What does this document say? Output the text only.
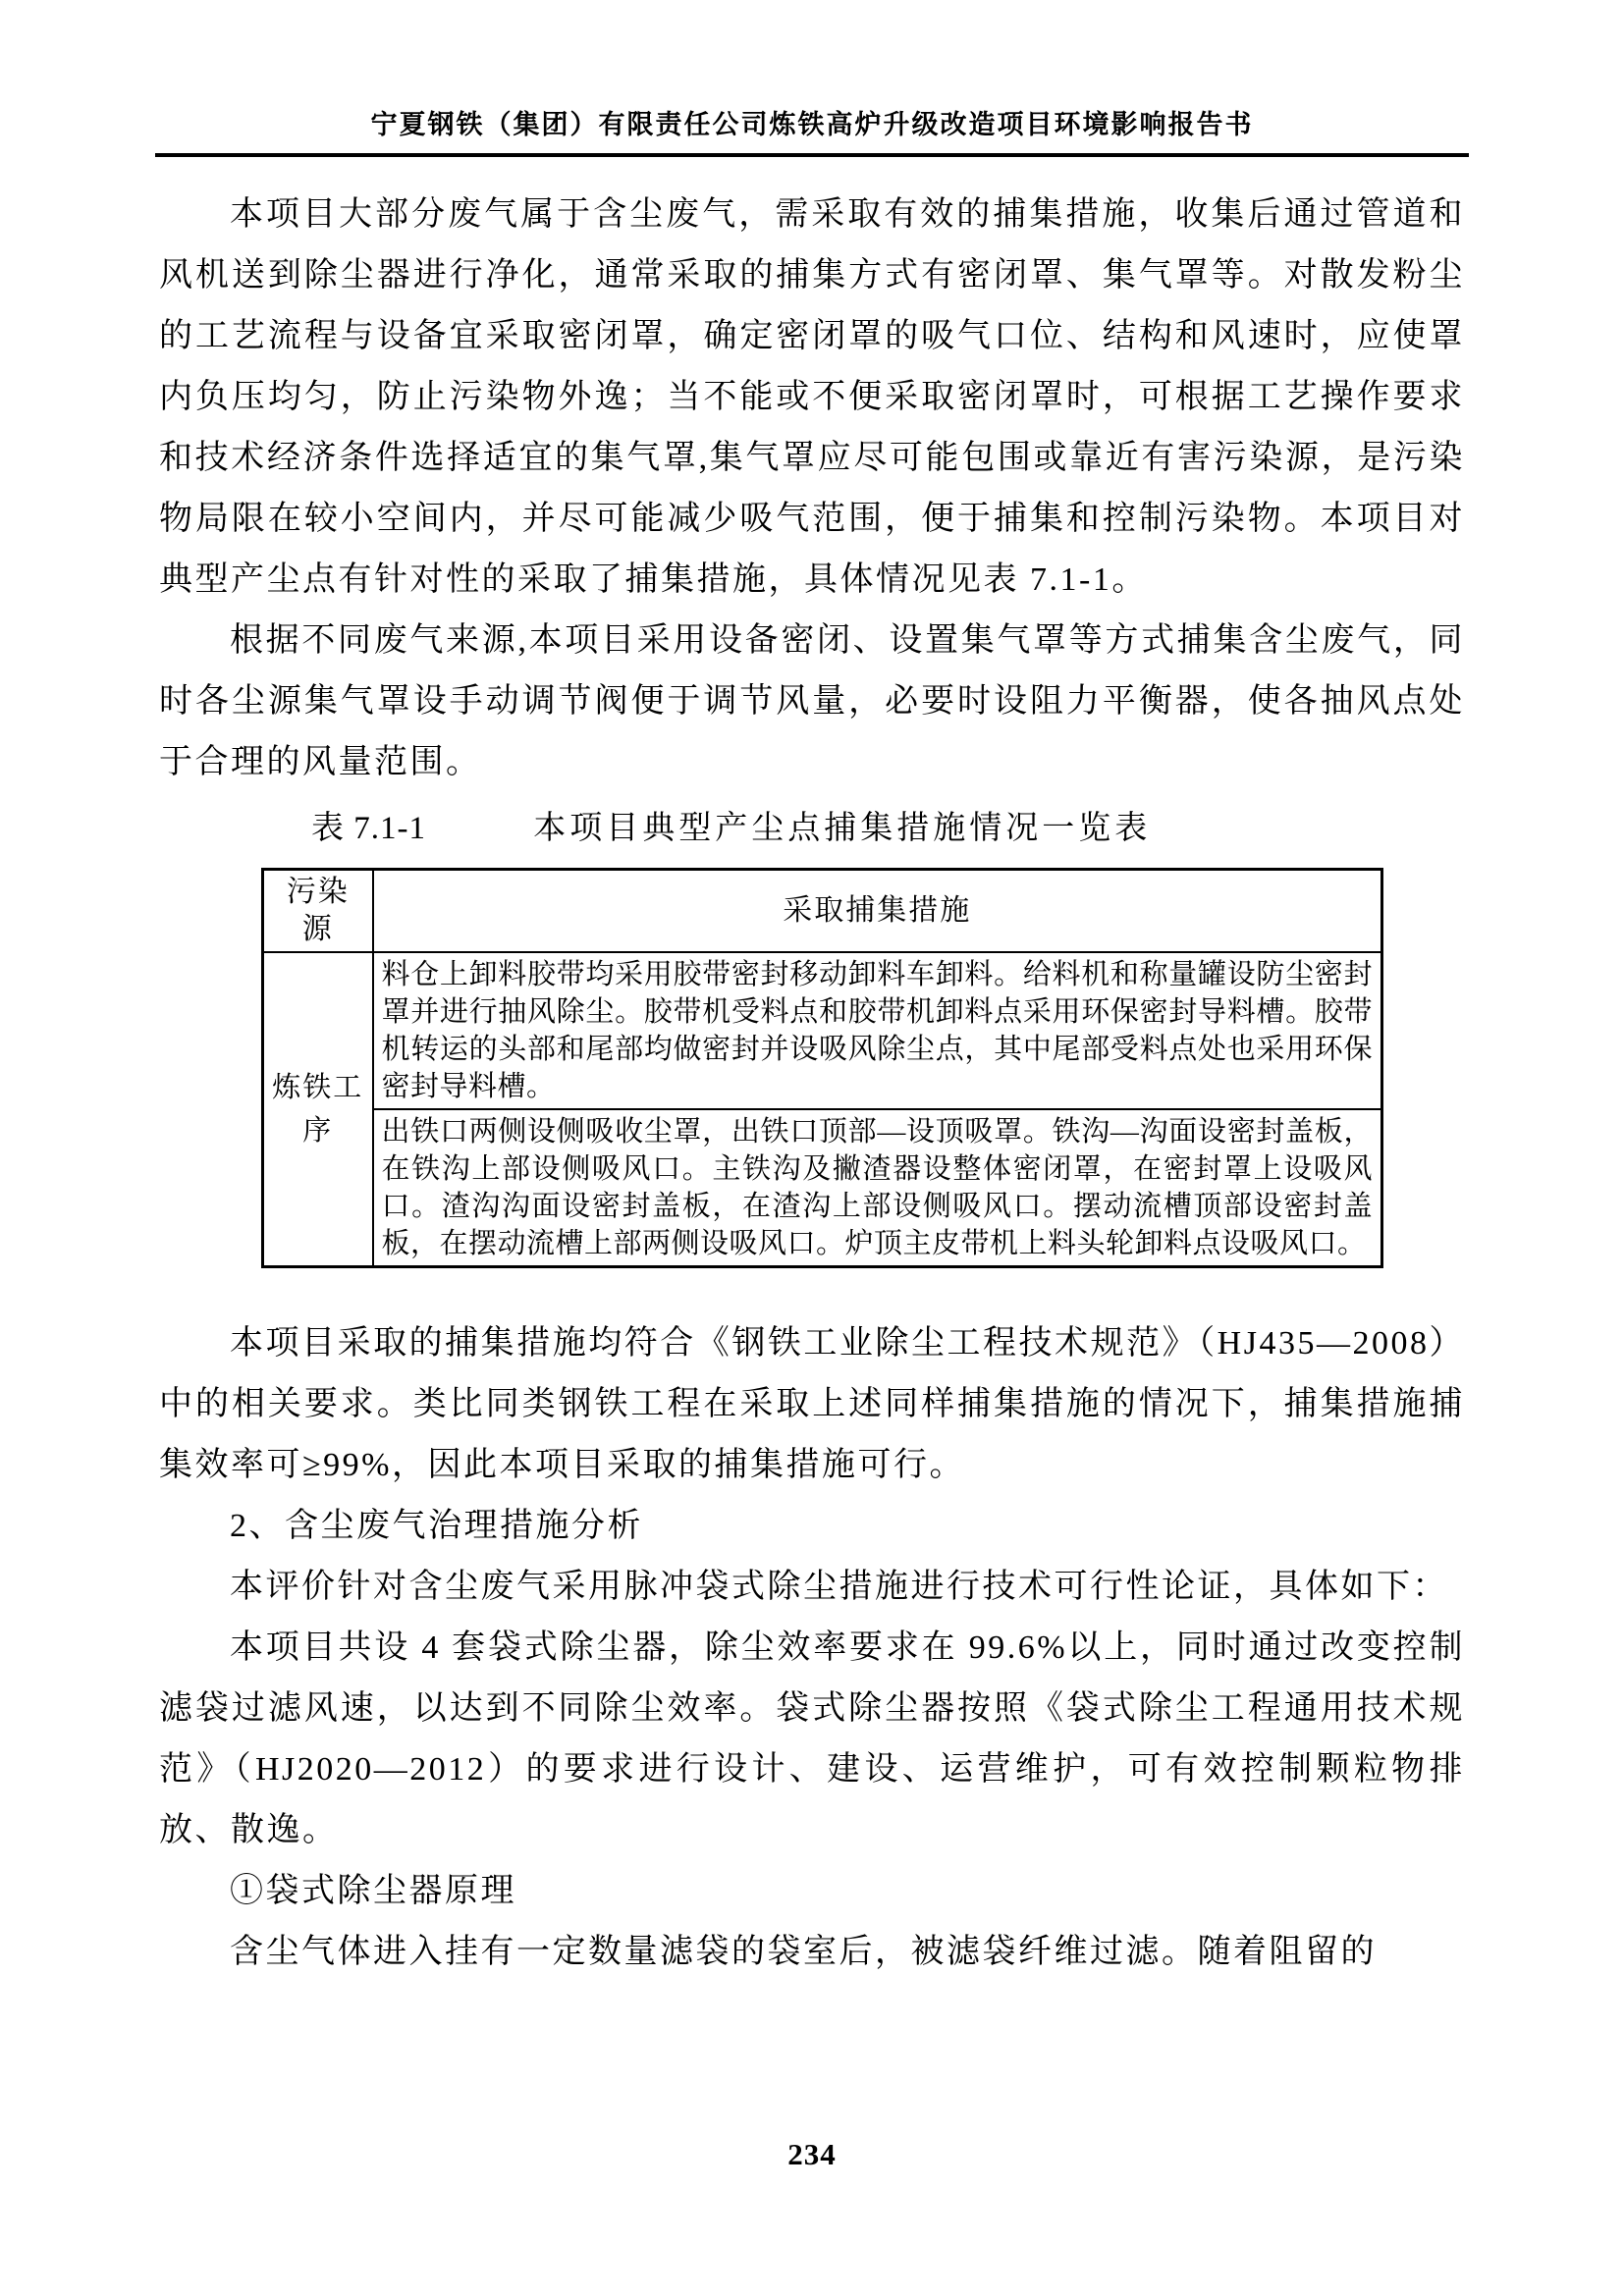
宁夏钢铁（集团）有限责任公司炼铁高炉升级改造项目环境影响报告书

本项目大部分废气属于含尘废气，需采取有效的捕集措施，收集后通过管道和风机送到除尘器进行净化，通常采取的捕集方式有密闭罩、集气罩等。对散发粉尘的工艺流程与设备宜采取密闭罩，确定密闭罩的吸气口位、结构和风速时，应使罩内负压均匀，防止污染物外逸；当不能或不便采取密闭罩时，可根据工艺操作要求和技术经济条件选择适宜的集气罩,集气罩应尽可能包围或靠近有害污染源，是污染物局限在较小空间内，并尽可能减少吸气范围，便于捕集和控制污染物。本项目对典型产尘点有针对性的采取了捕集措施，具体情况见表 7.1-1。

根据不同废气来源,本项目采用设备密闭、设置集气罩等方式捕集含尘废气，同时各尘源集气罩设手动调节阀便于调节风量，必要时设阻力平衡器，使各抽风点处于合理的风量范围。

表 7.1-1	本项目典型产尘点捕集措施情况一览表
污染源	采取捕集措施
炼铁工序	料仓上卸料胶带均采用胶带密封移动卸料车卸料。给料机和称量罐设防尘密封罩并进行抽风除尘。胶带机受料点和胶带机卸料点采用环保密封导料槽。胶带机转运的头部和尾部均做密封并设吸风除尘点，其中尾部受料点处也采用环保密封导料槽。
	出铁口两侧设侧吸收尘罩，出铁口顶部—设顶吸罩。铁沟—沟面设密封盖板，在铁沟上部设侧吸风口。主铁沟及撇渣器设整体密闭罩，在密封罩上设吸风口。渣沟沟面设密封盖板，在渣沟上部设侧吸风口。摆动流槽顶部设密封盖板，在摆动流槽上部两侧设吸风口。炉顶主皮带机上料头轮卸料点设吸风口。

本项目采取的捕集措施均符合《钢铁工业除尘工程技术规范》（HJ435—2008）中的相关要求。类比同类钢铁工程在采取上述同样捕集措施的情况下，捕集措施捕集效率可≥99%，因此本项目采取的捕集措施可行。

2、含尘废气治理措施分析

本评价针对含尘废气采用脉冲袋式除尘措施进行技术可行性论证，具体如下：

本项目共设 4 套袋式除尘器，除尘效率要求在 99.6%以上，同时通过改变控制滤袋过滤风速，以达到不同除尘效率。袋式除尘器按照《袋式除尘工程通用技术规范》（HJ2020—2012）的要求进行设计、建设、运营维护，可有效控制颗粒物排放、散逸。

①袋式除尘器原理

含尘气体进入挂有一定数量滤袋的袋室后，被滤袋纤维过滤。随着阻留的

234
